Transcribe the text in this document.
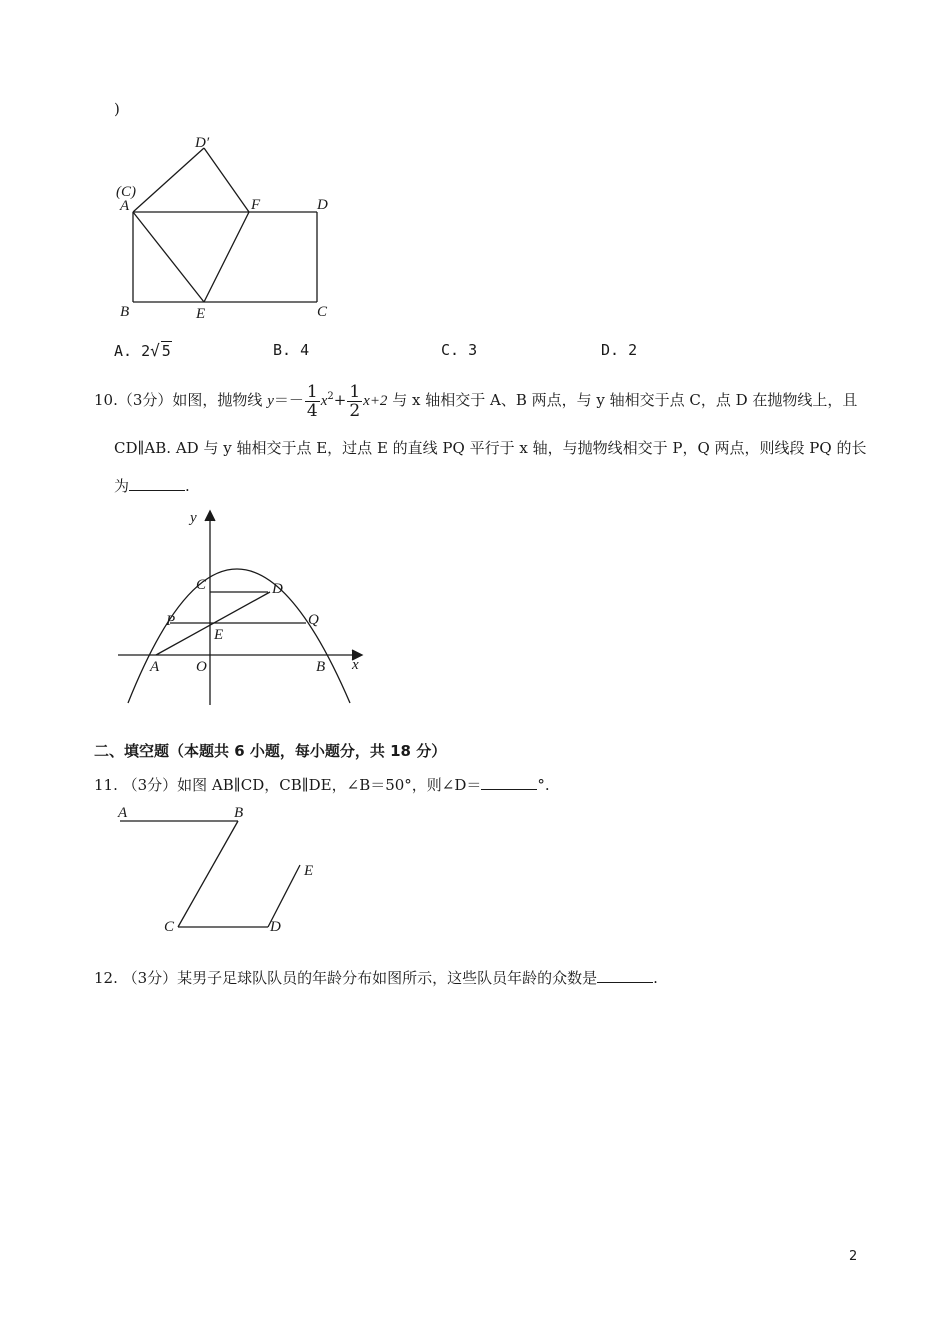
)
D′
(C)
A	F	D
B	E	C
A. 2√ 5	B. 4	C. 3	D. 2
10.（3分）如图，抛物线 $y=- \frac{1}{4} x^2+ \frac{1}{2} x+2$ 与 x 轴相交于 A、B 两点，与 y 轴相交于点 C，点 D 在抛物线上，且
CD∥AB. AD 与 y 轴相交于点 E，过点 E 的直线 PQ 平行于 x 轴，与抛物线相交于 P，Q 两点，则线段 PQ 的长
为	.
y
x
C	D
P	Q
E
A O	B
二、填空题（本题共 6 小题，每小题分，共 18 分）
11. （3分）如图 AB∥CD，CB∥DE，∠B＝50°，则∠D＝	°.
A	B
E
C	D
12. （3分）某男子足球队队员的年龄分布如图所示，这些队员年龄的众数是	.
2
